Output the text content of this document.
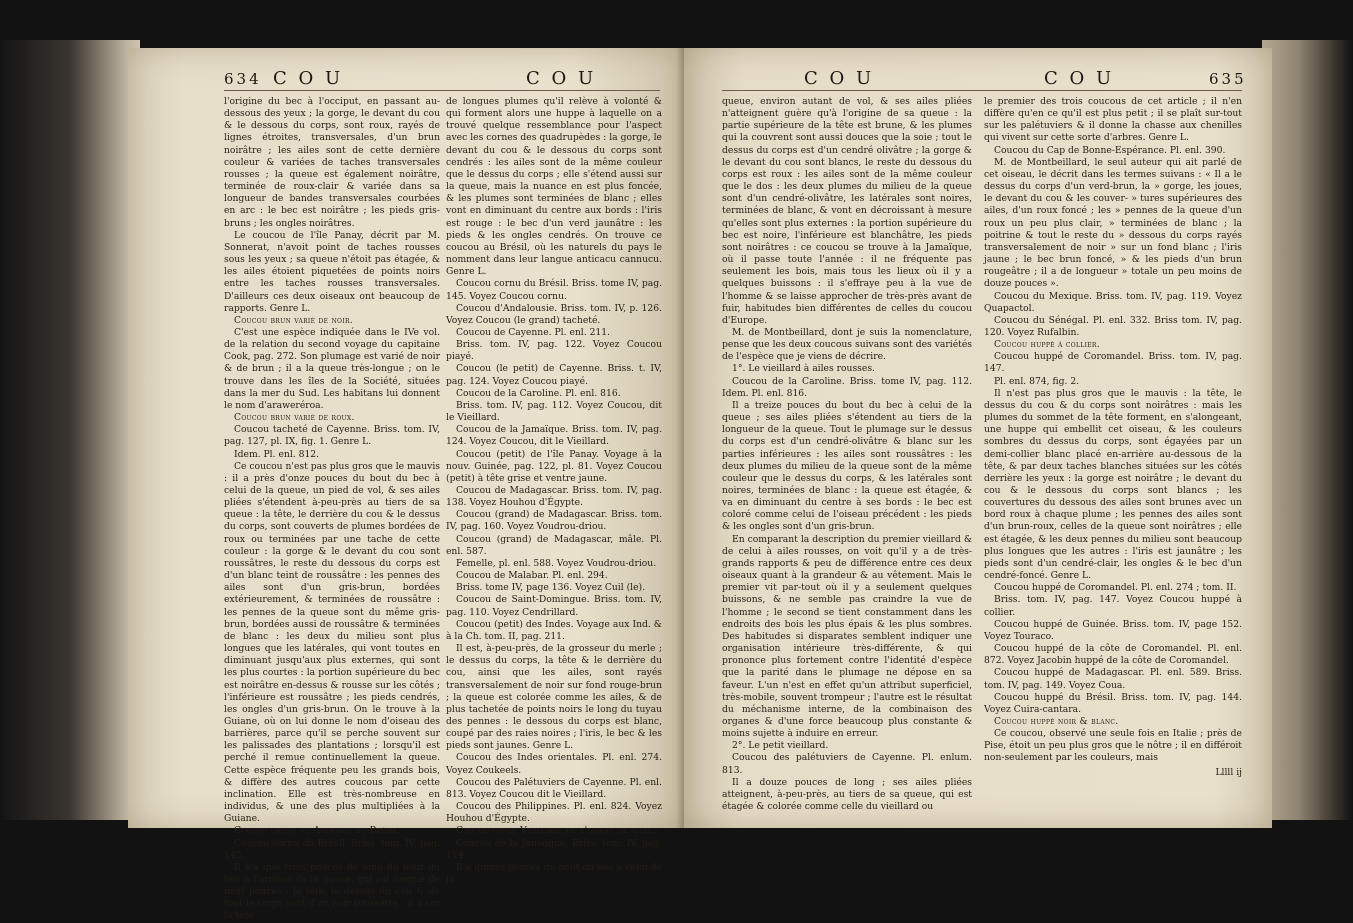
634 C O U	C O U

l'origine du bec à l'occiput, en passant au-dessous des yeux ; la gorge, le devant du cou & le dessous du corps, sont roux, rayés de lignes étroites, transversales, d'un brun noirâtre ; les ailes sont de cette dernière couleur & variées de taches transversales rousses ; la queue est également noirâtre, terminée de roux-clair & variée dans sa longueur de bandes transversales courbées en arc : le bec est noirâtre ; les pieds gris-bruns ; les ongles noirâtres.

Le coucou de l'île Panay, décrit par M. Sonnerat, n'avoit point de taches rousses sous les yeux ; sa queue n'étoit pas étagée, & les ailes étoient piquetées de points noirs entre les taches rousses transversales. D'ailleurs ces deux oiseaux ont beaucoup de rapports. Genre L.

Coucou brun varié de noir.

C'est une espèce indiquée dans le IVe vol. de la relation du second voyage du capitaine Cook, pag. 272. Son plumage est varié de noir & de brun ; il a la queue très-longue ; on le trouve dans les îles de la Société, situées dans la mer du Sud. Les habitans lui donnent le nom d'araweréroa.

Coucou brun varié de roux.

Coucou tacheté de Cayenne. Briss. tom. IV, pag. 127, pl. IX, fig. 1. Genre L.

Idem. Pl. enl. 812.

Ce coucou n'est pas plus gros que le mauvis : il a près d'onze pouces du bout du bec à celui de la queue, un pied de vol, & ses ailes pliées s'étendent à-peu-près au tiers de sa queue : la tête, le derrière du cou & le dessus du corps, sont couverts de plumes bordées de roux ou terminées par une tache de cette couleur : la gorge & le devant du cou sont roussâtres, le reste du dessous du corps est d'un blanc teint de roussâtre : les pennes des ailes sont d'un gris-brun, bordées extérieurement, & terminées de roussâtre : les pennes de la queue sont du même gris-brun, bordées aussi de roussâtre & terminées de blanc : les deux du milieu sont plus longues que les latérales, qui vont toutes en diminuant jusqu'aux plus externes, qui sont les plus courtes : la portion supérieure du bec est noirâtre en-dessus & rousse sur les côtés ; l'inférieure est roussâtre ; les pieds cendrés, les ongles d'un gris-brun. On le trouve à la Guiane, où on lui donne le nom d'oiseau des barrières, parce qu'il se perche souvent sur les palissades des plantations ; lorsqu'il est perché il remue continuellement la queue. Cette espèce fréquente peu les grands bois, & diffère des autres coucous par cette inclination. Elle est très-nombreuse en individus, & une des plus multipliées à la Guiane.

Coucou cornu ou Anticacu du Brésil.

Coucou cornu du Brésil. Briss. tom. IV, pag. 145.

Il n'a que trois pouces de long du bout du bec à l'origine de la queue, qui est longue de neuf pouces : la tête, le dessus du cou & de tout le corps sont d'un noir roussâtre : il a sur la tête

de longues plumes qu'il relève à volonté & qui forment alors une huppe à laquelle on a trouvé quelque ressemblance pour l'aspect avec les cornes des quadrupèdes : la gorge, le devant du cou & le dessous du corps sont cendrés : les ailes sont de la même couleur que le dessus du corps ; elle s'étend aussi sur la queue, mais la nuance en est plus foncée, & les plumes sont terminées de blanc ; elles vont en diminuant du centre aux bords : l'iris est rouge : le bec d'un verd jaunâtre : les pieds & les ongles cendrés. On trouve ce coucou au Brésil, où les naturels du pays le nomment dans leur langue anticacu cannucu. Genre L.

Coucou cornu du Brésil. Briss. tome IV, pag. 145. Voyez Coucou cornu.

Coucou d'Andalousie. Briss. tom. IV, p. 126. Voyez Coucou (le grand) tacheté.

Coucou de Cayenne. Pl. enl. 211.

Briss. tom. IV, pag. 122. Voyez Coucou piayé.

Coucou (le petit) de Cayenne. Briss. t. IV, pag. 124. Voyez Coucou piayé.

Coucou de la Caroline. Pl. enl. 816.

Briss. tom. IV, pag. 112. Voyez Coucou, dit le Vieillard.

Coucou de la Jamaïque. Briss. tom. IV, pag. 124. Voyez Coucou, dit le Vieillard.

Coucou (petit) de l'île Panay. Voyage à la nouv. Guinée, pag. 122, pl. 81. Voyez Coucou (petit) à tête grise et ventre jaune.

Coucou de Madagascar. Briss. tom. IV, pag. 138. Voyez Houhou d'Égypte.

Coucou (grand) de Madagascar. Briss. tom. IV, pag. 160. Voyez Voudrou-driou.

Coucou (grand) de Madagascar, mâle. Pl. enl. 587.

Femelle, pl. enl. 588. Voyez Voudrou-driou.

Coucou de Malabar. Pl. enl. 294.

Briss. tome IV, page 136. Voyez Cuil (le).

Coucou de Saint-Domingue. Briss. tom. IV, pag. 110. Voyez Cendrillard.

Coucou (petit) des Indes. Voyage aux Ind. & à la Ch. tom. II, pag. 211.

Il est, à-peu-près, de la grosseur du merle ; le dessus du corps, la tête & le derrière du cou, ainsi que les ailes, sont rayés transversalement de noir sur fond rouge-brun ; la queue est colorée comme les ailes, & de plus tachetée de points noirs le long du tuyau des pennes : le dessous du corps est blanc, coupé par des raies noires ; l'iris, le bec & les pieds sont jaunes. Genre L.

Coucou des Indes orientales. Pl. enl. 274. Voyez Coukeels.

Coucou des Palétuviers de Cayenne. Pl. enl. 813. Voyez Coucou dit le Vieillard.

Coucou des Philippines. Pl. enl. 824. Voyez Houhou d'Égypte.

Coucou dit le Vieillard, ou l'oiseau de pluie.

Coucou de la Jamaïque. Briss. tom. IV, pag. 114.

Il a quinze pouces du bout du bec à celui de la

C O U	C O U	635

queue, environ autant de vol, & ses ailes pliées n'atteignent guère qu'à l'origine de sa queue : la partie supérieure de la tête est brune, & les plumes qui la couvrent sont aussi douces que la soie ; tout le dessus du corps est d'un cendré olivâtre ; la gorge & le devant du cou sont blancs, le reste du dessous du corps est roux : les ailes sont de la même couleur que le dos : les deux plumes du milieu de la queue sont d'un cendré-olivâtre, les latérales sont noires, terminées de blanc, & vont en décroissant à mesure qu'elles sont plus externes : la portion supérieure du bec est noire, l'inférieure est blanchâtre, les pieds sont noirâtres : ce coucou se trouve à la Jamaïque, où il passe toute l'année : il ne fréquente pas seulement les bois, mais tous les lieux où il y a quelques buissons : il s'effraye peu à la vue de l'homme & se laisse approcher de très-près avant de fuir, habitudes bien différentes de celles du coucou d'Europe.

M. de Montbeillard, dont je suis la nomenclature, pense que les deux coucous suivans sont des variétés de l'espèce que je viens de décrire.

1°. Le vieillard à ailes rousses.

Coucou de la Caroline. Briss. tome IV, pag. 112. Idem. Pl. enl. 816.

Il a treize pouces du bout du bec à celui de la queue ; ses ailes pliées s'étendent au tiers de la longueur de la queue. Tout le plumage sur le dessus du corps est d'un cendré-olivâtre & blanc sur les parties inférieures : les ailes sont roussâtres : les deux plumes du milieu de la queue sont de la même couleur que le dessus du corps, & les latérales sont noires, terminées de blanc : la queue est étagée, & va en diminuant du centre à ses bords : le bec est coloré comme celui de l'oiseau précédent : les pieds & les ongles sont d'un gris-brun.

En comparant la description du premier vieillard & de celui à ailes rousses, on voit qu'il y a de très-grands rapports & peu de différence entre ces deux oiseaux quant à la grandeur & au vêtement. Mais le premier vit par-tout où il y a seulement quelques buissons, & ne semble pas craindre la vue de l'homme ; le second se tient constamment dans les endroits des bois les plus épais & les plus sombres. Des habitudes si disparates semblent indiquer une organisation intérieure très-différente, & qui prononce plus fortement contre l'identité d'espèce que la parité dans le plumage ne dépose en sa faveur. L'un n'est en effet qu'un attribut superficiel, très-mobile, souvent trompeur ; l'autre est le résultat du méchanisme interne, de la combinaison des organes & d'une force beaucoup plus constante & moins sujette à induire en erreur.

2°. Le petit vieillard.

Coucou des palétuviers de Cayenne. Pl. enlum. 813.

Il a douze pouces de long ; ses ailes pliées atteignent, à-peu-près, au tiers de sa queue, qui est étagée & colorée comme celle du vieillard ou

le premier des trois coucous de cet article ; il n'en diffère qu'en ce qu'il est plus petit ; il se plaît sur-tout sur les palétuviers & il donne la chasse aux chenilles qui vivent sur cette sorte d'arbres. Genre L.

Coucou du Cap de Bonne-Espérance. Pl. enl. 390.

M. de Montbeillard, le seul auteur qui ait parlé de cet oiseau, le décrit dans les termes suivans : « Il a le dessus du corps d'un verd-brun, la » gorge, les joues, le devant du cou & les couver- » tures supérieures des ailes, d'un roux foncé ; les » pennes de la queue d'un roux un peu plus clair, » terminées de blanc ; la poitrine & tout le reste du » dessous du corps rayés transversalement de noir » sur un fond blanc ; l'iris jaune ; le bec brun foncé, » & les pieds d'un brun rougeâtre ; il a de longueur » totale un peu moins de douze pouces ».

Coucou du Mexique. Briss. tom. IV, pag. 119. Voyez Quapactol.

Coucou du Sénégal. Pl. enl. 332. Briss tom. IV, pag. 120. Voyez Rufalbin.

Coucou huppé à collier.

Coucou huppé de Coromandel. Briss. tom. IV, pag. 147.

Pl. enl. 874, fig. 2.

Il n'est pas plus gros que le mauvis : la tête, le dessus du cou & du corps sont noirâtres : mais les plumes du sommet de la tête forment, en s'alongeant, une huppe qui embellit cet oiseau, & les couleurs sombres du dessus du corps, sont égayées par un demi-collier blanc placé en-arrière au-dessous de la tête, & par deux taches blanches situées sur les côtés derrière les yeux : la gorge est noirâtre ; le devant du cou & le dessous du corps sont blancs ; les couvertures du dessous des ailes sont brunes avec un bord roux à chaque plume ; les pennes des ailes sont d'un brun-roux, celles de la queue sont noirâtres ; elle est étagée, & les deux pennes du milieu sont beaucoup plus longues que les autres : l'iris est jaunâtre ; les pieds sont d'un cendré-clair, les ongles & le bec d'un cendré-foncé. Genre L.

Coucou huppé de Coromandel. Pl. enl. 274 ; tom. II.

Briss. tom. IV, pag. 147. Voyez Coucou huppé à collier.

Coucou huppé de Guinée. Briss. tom. IV, page 152. Voyez Touraco.

Coucou huppé de la côte de Coromandel. Pl. enl. 872. Voyez Jacobin huppé de la côte de Coromandel.

Coucou huppé de Madagascar. Pl. enl. 589. Briss. tom. IV, pag. 149. Voyez Coua.

Coucou huppé du Brésil. Briss. tom. IV, pag. 144. Voyez Cuira-cantara.

Coucou huppé noir & blanc.

Ce coucou, observé une seule fois en Italie ; près de Pise, étoit un peu plus gros que le nôtre ; il en différoit non-seulement par les couleurs, mais

Lllll ij
